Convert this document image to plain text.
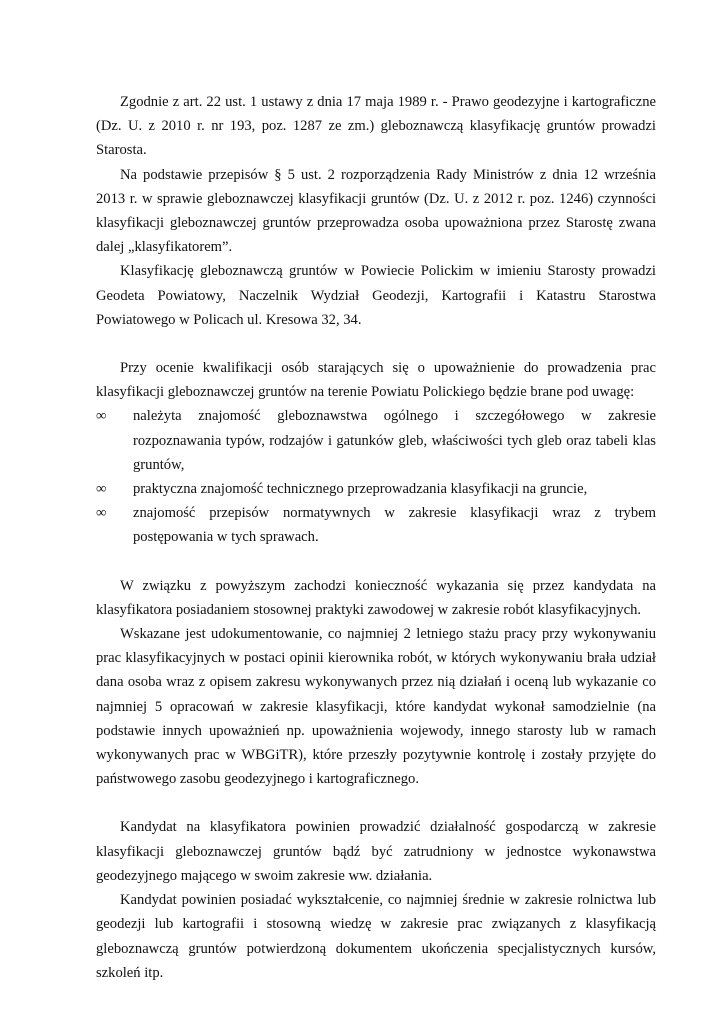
Zgodnie z art. 22 ust. 1 ustawy z dnia 17 maja 1989 r. - Prawo geodezyjne i kartograficzne (Dz. U. z 2010 r. nr 193, poz. 1287 ze zm.) gleboznawczą klasyfikację gruntów prowadzi Starosta.

Na podstawie przepisów § 5 ust. 2 rozporządzenia Rady Ministrów z dnia 12 września 2013 r. w sprawie gleboznawczej klasyfikacji gruntów (Dz. U. z 2012 r. poz. 1246) czynności klasyfikacji gleboznawczej gruntów przeprowadza osoba upoważniona przez Starostę zwana dalej „klasyfikatorem”.

Klasyfikację gleboznawczą gruntów w Powiecie Polickim w imieniu Starosty prowadzi Geodeta Powiatowy, Naczelnik Wydział Geodezji, Kartografii i Katastru Starostwa Powiatowego w Policach ul. Kresowa 32, 34.

Przy ocenie kwalifikacji osób starających się o upoważnienie do prowadzenia prac klasyfikacji gleboznawczej gruntów na terenie Powiatu Polickiego będzie brane pod uwagę:

∞ należyta znajomość gleboznawstwa ogólnego i szczegółowego w zakresie rozpoznawania typów, rodzajów i gatunków gleb, właściwości tych gleb oraz tabeli klas gruntów,
∞ praktyczna znajomość technicznego przeprowadzania klasyfikacji na gruncie,
∞ znajomość przepisów normatywnych w zakresie klasyfikacji wraz z trybem postępowania w tych sprawach.

W związku z powyższym zachodzi konieczność wykazania się przez kandydata na klasyfikatora posiadaniem stosownej praktyki zawodowej w zakresie robót klasyfikacyjnych.

Wskazane jest udokumentowanie, co najmniej 2 letniego stażu pracy przy wykonywaniu prac klasyfikacyjnych w postaci opinii kierownika robót, w których wykonywaniu brała udział dana osoba wraz z opisem zakresu wykonywanych przez nią działań i oceną lub wykazanie co najmniej 5 opracowań w zakresie klasyfikacji, które kandydat wykonał samodzielnie (na podstawie innych upoważnień np. upoważnienia wojewody, innego starosty lub w ramach wykonywanych prac w WBGiTR), które przeszły pozytywnie kontrolę i zostały przyjęte do państwowego zasobu geodezyjnego i kartograficznego.

Kandydat na klasyfikatora powinien prowadzić działalność gospodarczą w zakresie klasyfikacji gleboznawczej gruntów bądź być zatrudniony w jednostce wykonawstwa geodezyjnego mającego w swoim zakresie ww. działania.

Kandydat powinien posiadać wykształcenie, co najmniej średnie w zakresie rolnictwa lub geodezji lub kartografii i stosowną wiedzę w zakresie prac związanych z klasyfikacją gleboznawczą gruntów potwierdzoną dokumentem ukończenia specjalistycznych kursów, szkoleń itp.
